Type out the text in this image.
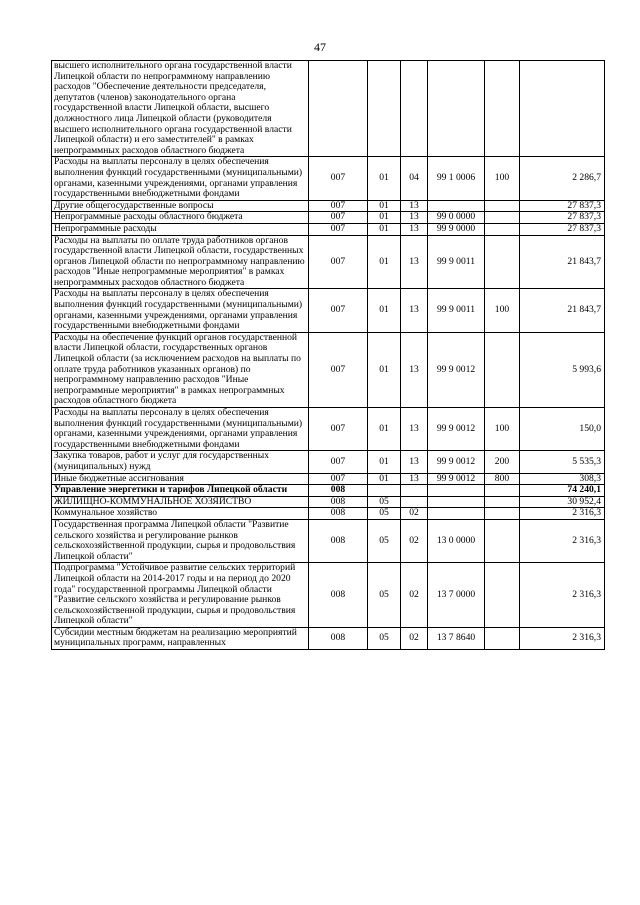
47
высшего исполнительного органа государственной власти Липецкой области по непрограммному направлению расходов "Обеспечение деятельности председателя, депутатов (членов) законодательного органа государственной власти Липецкой области, высшего должностного лица Липецкой области (руководителя высшего исполнительного органа государственной власти Липецкой области) и его заместителей" в рамках непрограммных расходов областного бюджета						
Расходы на выплаты персоналу в целях обеспечения выполнения функций государственными (муниципальными) органами, казенными учреждениями, органами управления государственными внебюджетными фондами	007	01	04	99 1 0006	100	2 286,7
Другие общегосударственные вопросы	007	01	13			27 837,3
Непрограммные расходы областного бюджета	007	01	13	99 0 0000		27 837,3
Непрограммные расходы	007	01	13	99 9 0000		27 837,3
Расходы на выплаты по оплате труда работников органов государственной власти Липецкой области, государственных органов Липецкой области по непрограммному направлению расходов "Иные непрограммные мероприятия" в рамках непрограммных расходов областного бюджета	007	01	13	99 9 0011		21 843,7
Расходы на выплаты персоналу в целях обеспечения выполнения функций государственными (муниципальными) органами, казенными учреждениями, органами управления государственными внебюджетными фондами	007	01	13	99 9 0011	100	21 843,7
Расходы на обеспечение функций органов государственной власти Липецкой области, государственных органов Липецкой области (за исключением расходов на выплаты по оплате труда работников указанных органов) по непрограммному направлению расходов "Иные непрограммные мероприятия" в рамках непрограммных расходов областного бюджета	007	01	13	99 9 0012		5 993,6
Расходы на выплаты персоналу в целях обеспечения выполнения функций государственными (муниципальными) органами, казенными учреждениями, органами управления государственными внебюджетными фондами	007	01	13	99 9 0012	100	150,0
Закупка товаров, работ и услуг для государственных (муниципальных) нужд	007	01	13	99 9 0012	200	5 535,3
Иные бюджетные ассигнования	007	01	13	99 9 0012	800	308,3
Управление энергетики и тарифов Липецкой области	008					74 240,1
ЖИЛИЩНО-КОММУНАЛЬНОЕ ХОЗЯЙСТВО	008	05				30 952,4
Коммунальное хозяйство	008	05	02			2 316,3
Государственная программа Липецкой области "Развитие сельского хозяйства и регулирование рынков сельскохозяйственной продукции, сырья и продовольствия Липецкой области"	008	05	02	13 0 0000		2 316,3
Подпрограмма "Устойчивое развитие сельских территорий Липецкой области на 2014-2017 годы и на период до 2020 года" государственной программы Липецкой области "Развитие сельского хозяйства и регулирование рынков сельскохозяйственной продукции, сырья и продовольствия Липецкой области"	008	05	02	13 7 0000		2 316,3
Субсидии местным бюджетам на реализацию мероприятий муниципальных программ, направленных	008	05	02	13 7 8640		2 316,3
